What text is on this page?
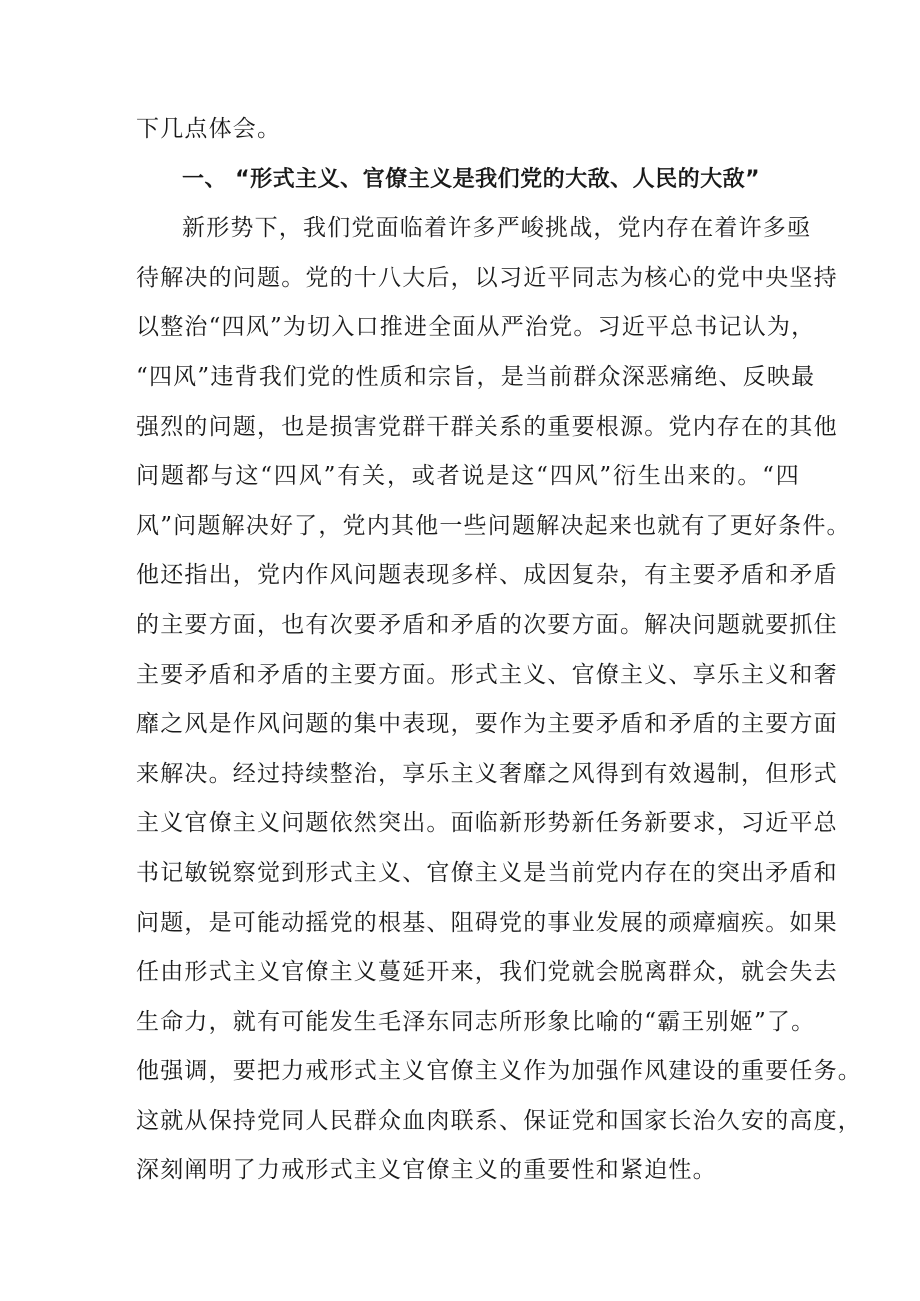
下几点体会。
一、 “形式主义、官僚主义是我们党的大敌、人民的大敌”
新形势下，我们党面临着许多严峻挑战，党内存在着许多亟
待解决的问题。党的十八大后，以习近平同志为核心的党中央坚持
以整治“四风”为切入口推进全面从严治党。习近平总书记认为，
“四风”违背我们党的性质和宗旨，是当前群众深恶痛绝、反映最
强烈的问题，也是损害党群干群关系的重要根源。党内存在的其他
问题都与这“四风”有关，或者说是这“四风”衍生出来的。“四
风”问题解决好了，党内其他一些问题解决起来也就有了更好条件。
他还指出，党内作风问题表现多样、成因复杂，有主要矛盾和矛盾
的主要方面，也有次要矛盾和矛盾的次要方面。解决问题就要抓住
主要矛盾和矛盾的主要方面。形式主义、官僚主义、享乐主义和奢
靡之风是作风问题的集中表现，要作为主要矛盾和矛盾的主要方面
来解决。经过持续整治，享乐主义奢靡之风得到有效遏制，但形式
主义官僚主义问题依然突出。面临新形势新任务新要求，习近平总
书记敏锐察觉到形式主义、官僚主义是当前党内存在的突出矛盾和
问题，是可能动摇党的根基、阻碍党的事业发展的顽瘴痼疾。如果
任由形式主义官僚主义蔓延开来，我们党就会脱离群众，就会失去
生命力，就有可能发生毛泽东同志所形象比喻的“霸王别姬”了。
他强调，要把力戒形式主义官僚主义作为加强作风建设的重要任务。
这就从保持党同人民群众血肉联系、保证党和国家长治久安的高度，
深刻阐明了力戒形式主义官僚主义的重要性和紧迫性。
